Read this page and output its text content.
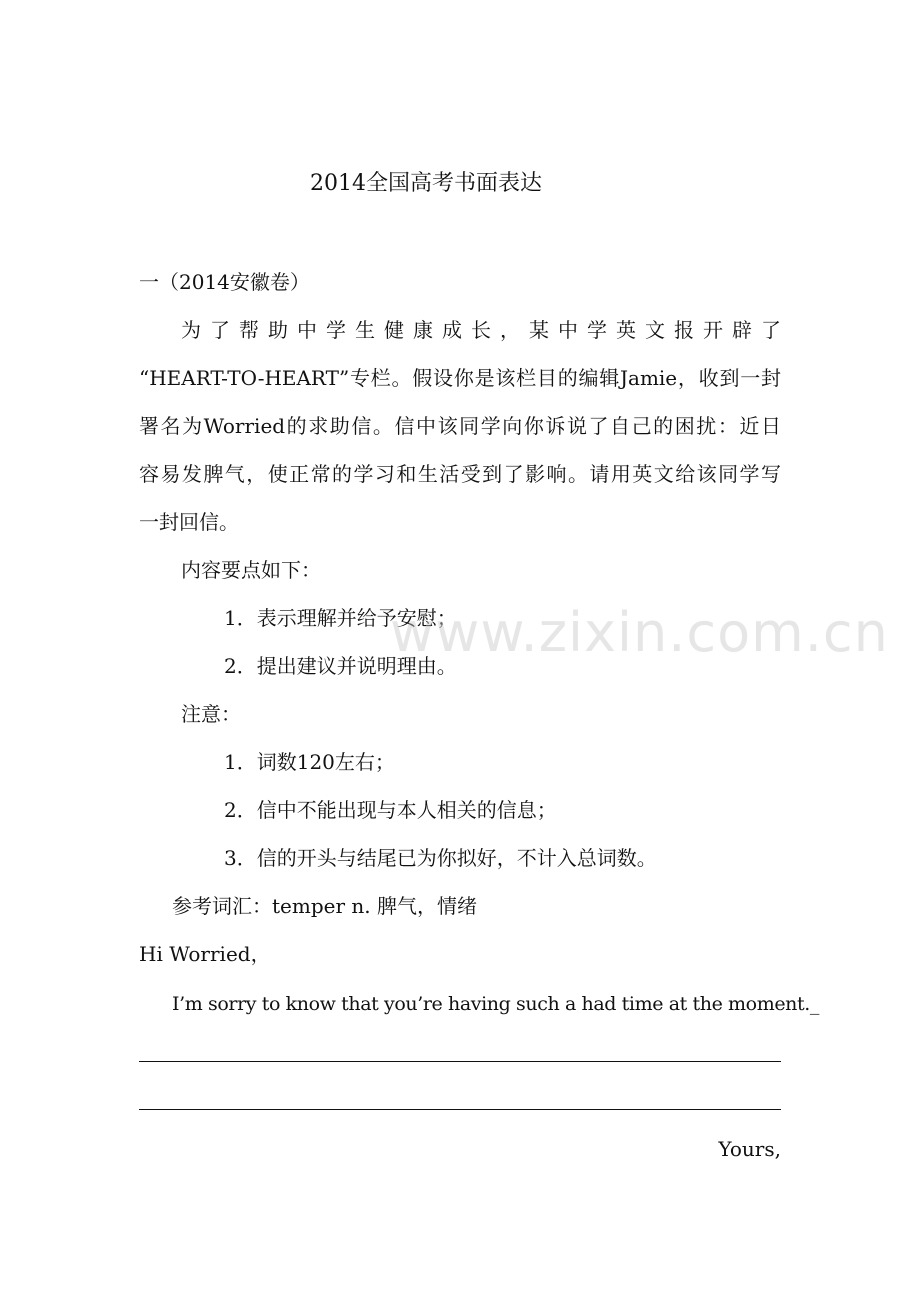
2014全国高考书面表达
一（2014安徽卷）
为了帮助中学生健康成长，某中学英文报开辟了
“HEART-TO-HEART”专栏。假设你是该栏目的编辑Jamie，收到一封
署名为Worried的求助信。信中该同学向你诉说了自己的困扰：近日
容易发脾气，使正常的学习和生活受到了影响。请用英文给该同学写
一封回信。
内容要点如下：
1．表示理解并给予安慰；
2．提出建议并说明理由。
注意：
1．词数120左右；
2．信中不能出现与本人相关的信息；
3．信的开头与结尾已为你拟好，不计入总词数。
参考词汇：temper n. 脾气，情绪
Hi Worried，
I’m sorry to know that you’re having such a had time at the moment._
Yours,
www.zixin.com.cn
